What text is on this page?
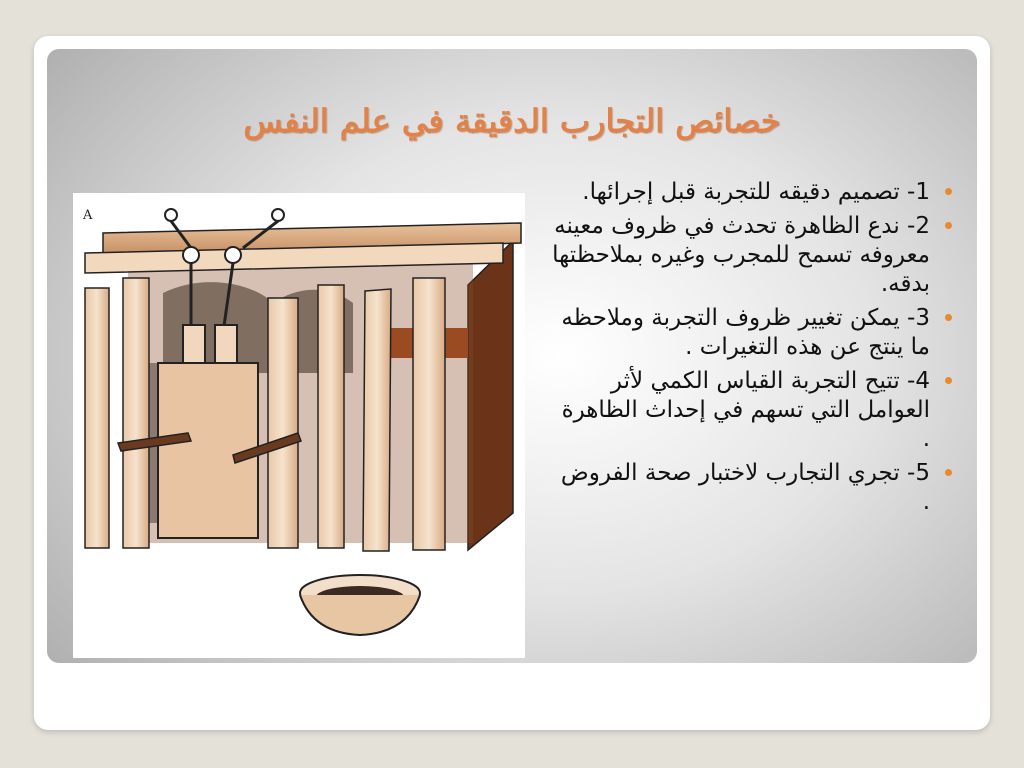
خصائص التجارب الدقيقة في علم النفس
A
1- تصميم دقيقه للتجربة قبل إجرائها.
2- ندع الظاهرة تحدث في ظروف معينه معروفه تسمح للمجرب وغيره بملاحظتها بدقه.
3- يمكن تغيير ظروف التجربة وملاحظه ما ينتج عن هذه التغيرات .
4- تتيح التجربة القياس الكمي لأثر العوامل التي تسهم في إحداث الظاهرة .
5- تجري التجارب لاختبار صحة الفروض .
